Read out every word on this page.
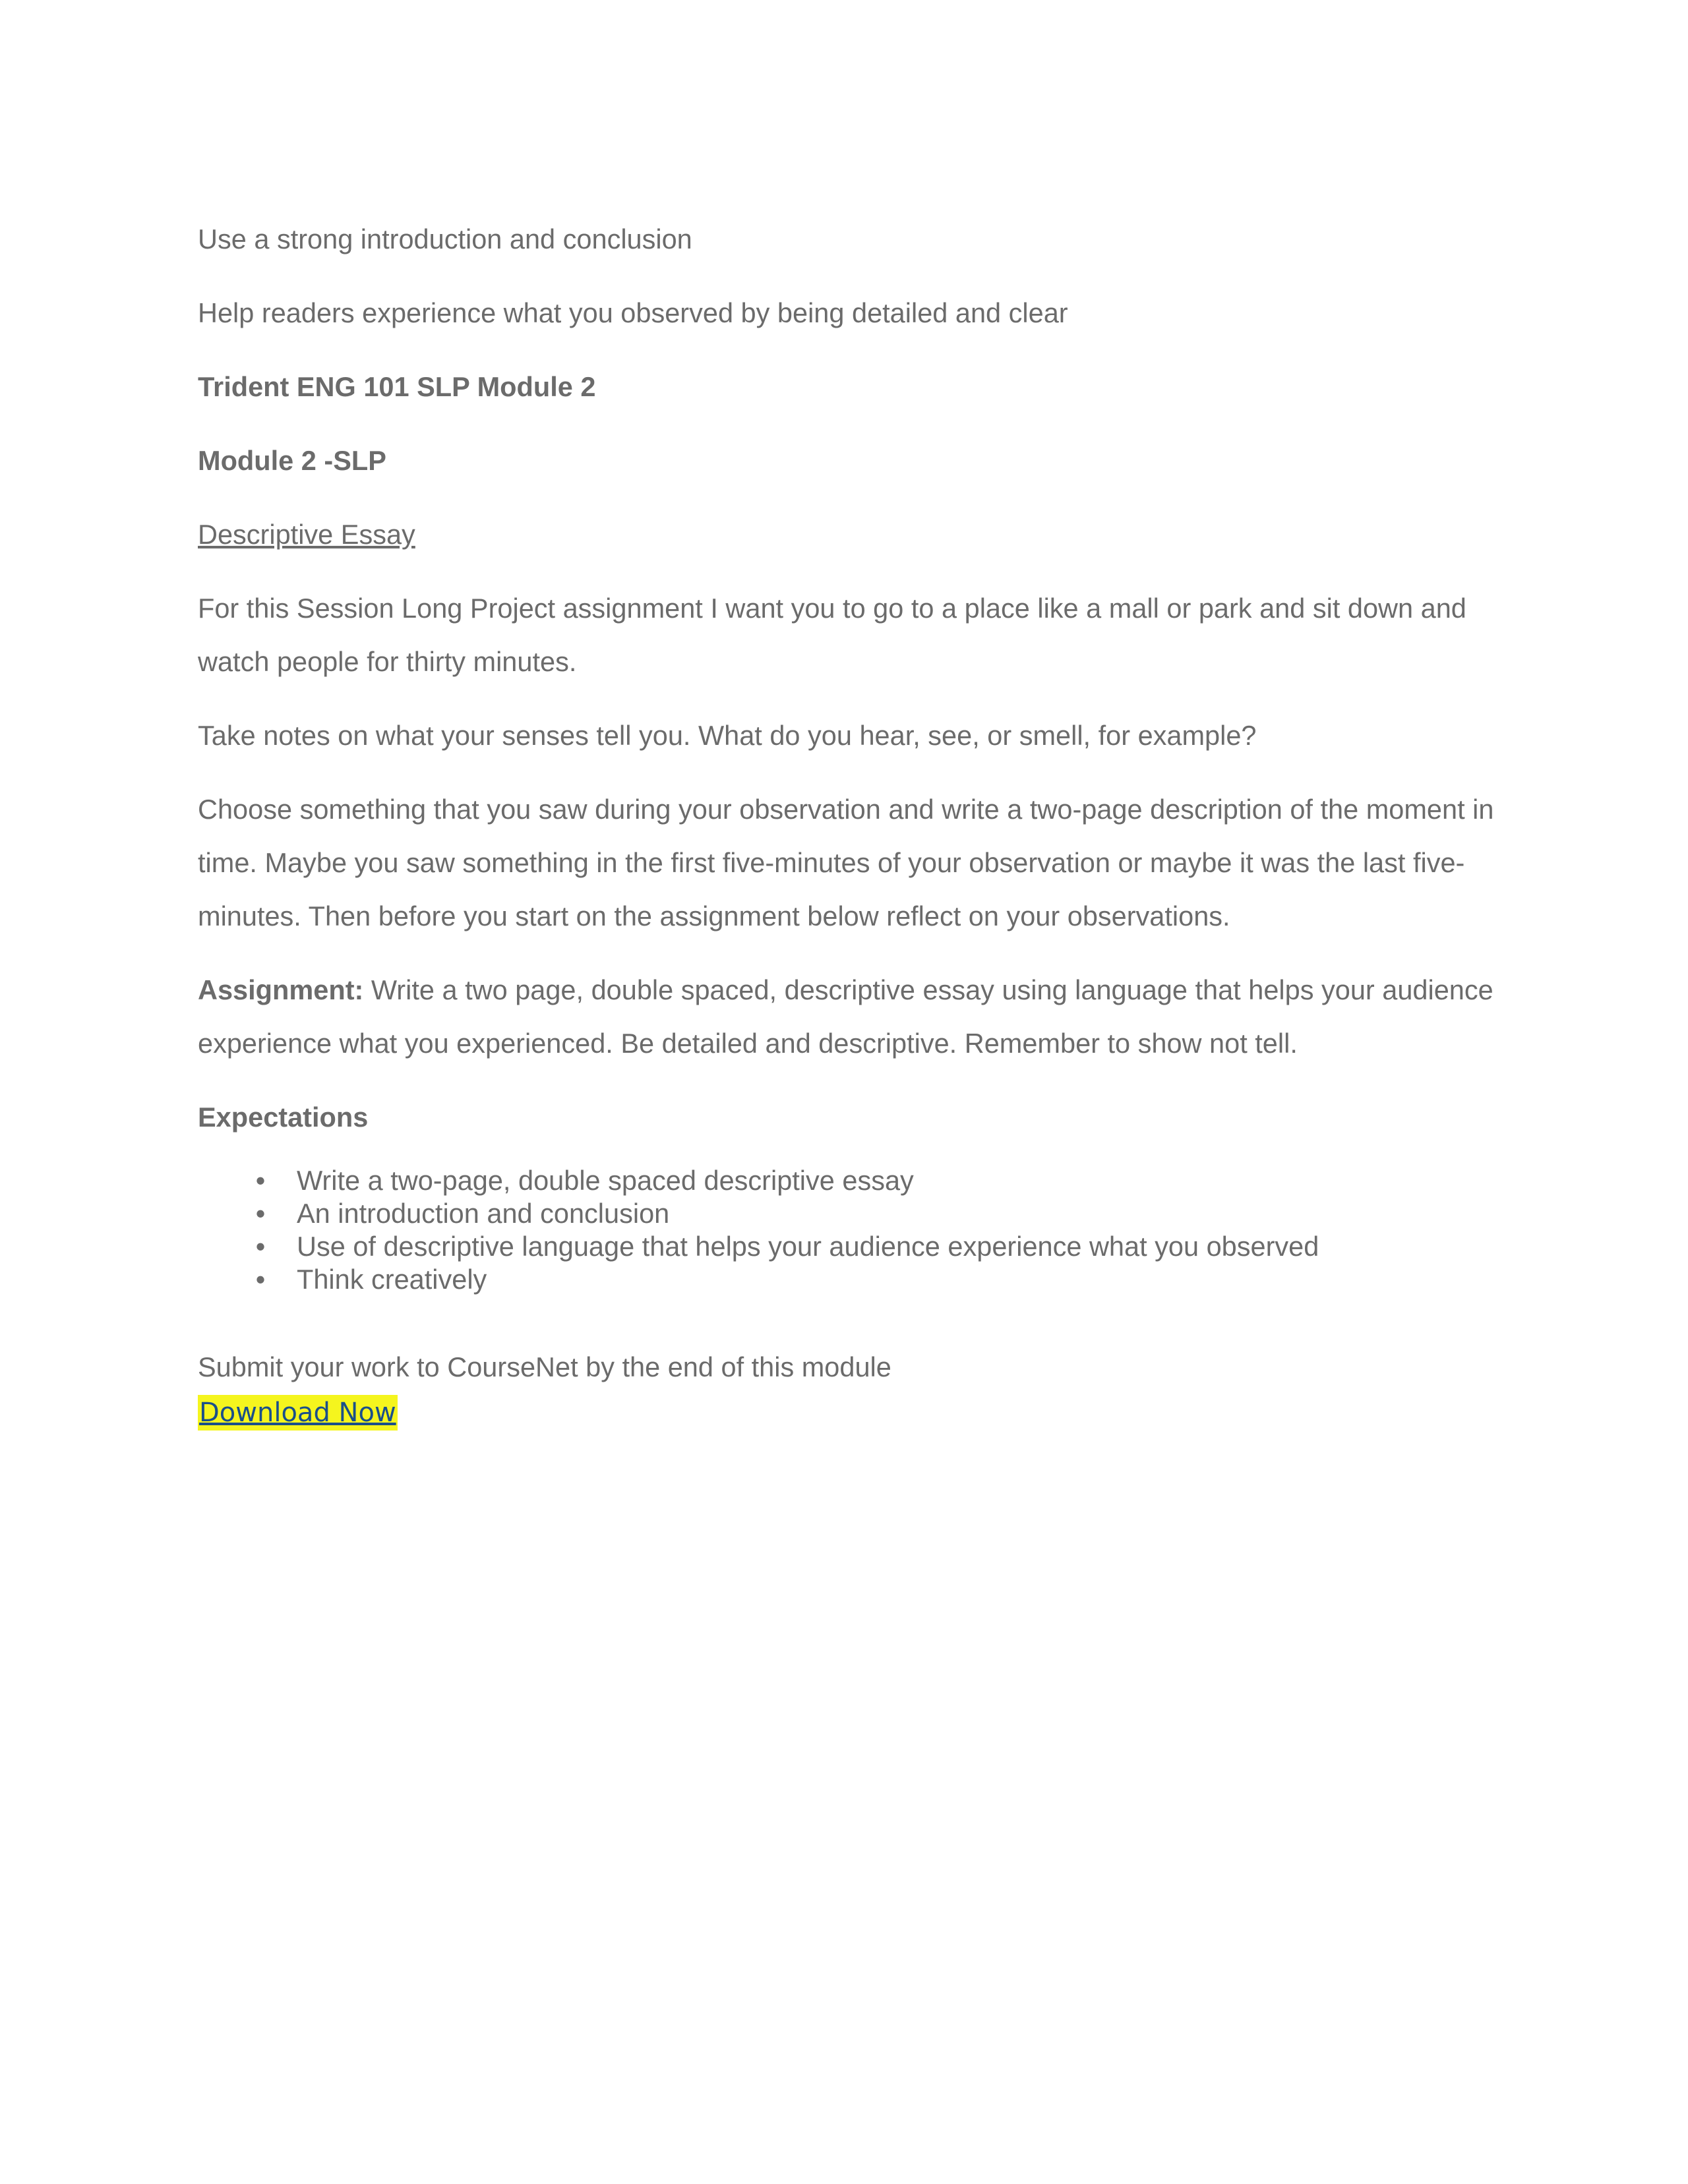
Use a strong introduction and conclusion

Help readers experience what you observed by being detailed and clear

Trident ENG 101 SLP Module 2

Module 2 -SLP

Descriptive Essay

For this Session Long Project assignment I want you to go to a place like a mall or park and sit down and watch people for thirty minutes.

Take notes on what your senses tell you. What do you hear, see, or smell, for example?

Choose something that you saw during your observation and write a two-page description of the moment in time. Maybe you saw something in the first five-minutes of your observation or maybe it was the last five-minutes. Then before you start on the assignment below reflect on your observations.

Assignment: Write a two page, double spaced, descriptive essay using language that helps your audience experience what you experienced. Be detailed and descriptive. Remember to show not tell.

Expectations

•	Write a two-page, double spaced descriptive essay
•	An introduction and conclusion
•	Use of descriptive language that helps your audience experience what you observed
•	Think creatively

Submit your work to CourseNet by the end of this module

Download Now
